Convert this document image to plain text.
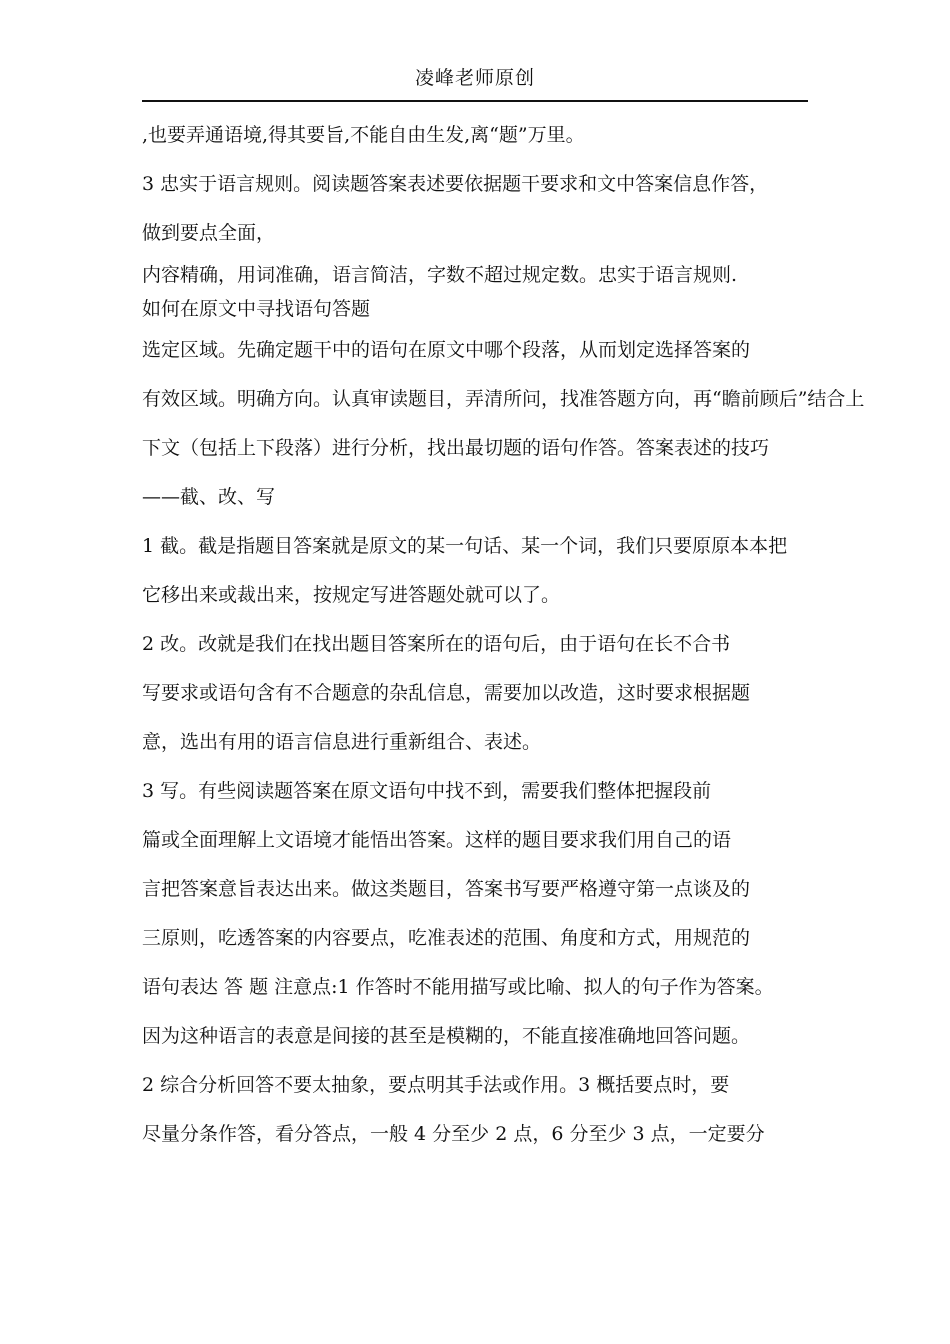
凌峰老师原创
,也要弄通语境,得其要旨,不能自由生发,离“题”万里。
3 忠实于语言规则。阅读题答案表述要依据题干要求和文中答案信息作答，
做到要点全面，
内容精确，用词准确，语言简洁，字数不超过规定数。忠实于语言规则.
如何在原文中寻找语句答题
选定区域。先确定题干中的语句在原文中哪个段落，从而划定选择答案的
有效区域。明确方向。认真审读题目，弄清所问，找准答题方向，再“瞻前顾后”结合上
下文（包括上下段落）进行分析，找出最切题的语句作答。答案表述的技巧
——截、改、写
1 截。截是指题目答案就是原文的某一句话、某一个词，我们只要原原本本把
它移出来或裁出来，按规定写进答题处就可以了。
2 改。改就是我们在找出题目答案所在的语句后，由于语句在长不合书
写要求或语句含有不合题意的杂乱信息，需要加以改造，这时要求根据题
意，选出有用的语言信息进行重新组合、表述。
3 写。有些阅读题答案在原文语句中找不到，需要我们整体把握段前
篇或全面理解上文语境才能悟出答案。这样的题目要求我们用自己的语
言把答案意旨表达出来。做这类题目，答案书写要严格遵守第一点谈及的
三原则，吃透答案的内容要点，吃准表述的范围、角度和方式，用规范的
语句表达 答 题 注意点:1 作答时不能用描写或比喻、拟人的句子作为答案。
因为这种语言的表意是间接的甚至是模糊的，不能直接准确地回答问题。
2 综合分析回答不要太抽象，要点明其手法或作用。3 概括要点时，要
尽量分条作答，看分答点，一般 4 分至少 2 点，6 分至少 3 点，一定要分
